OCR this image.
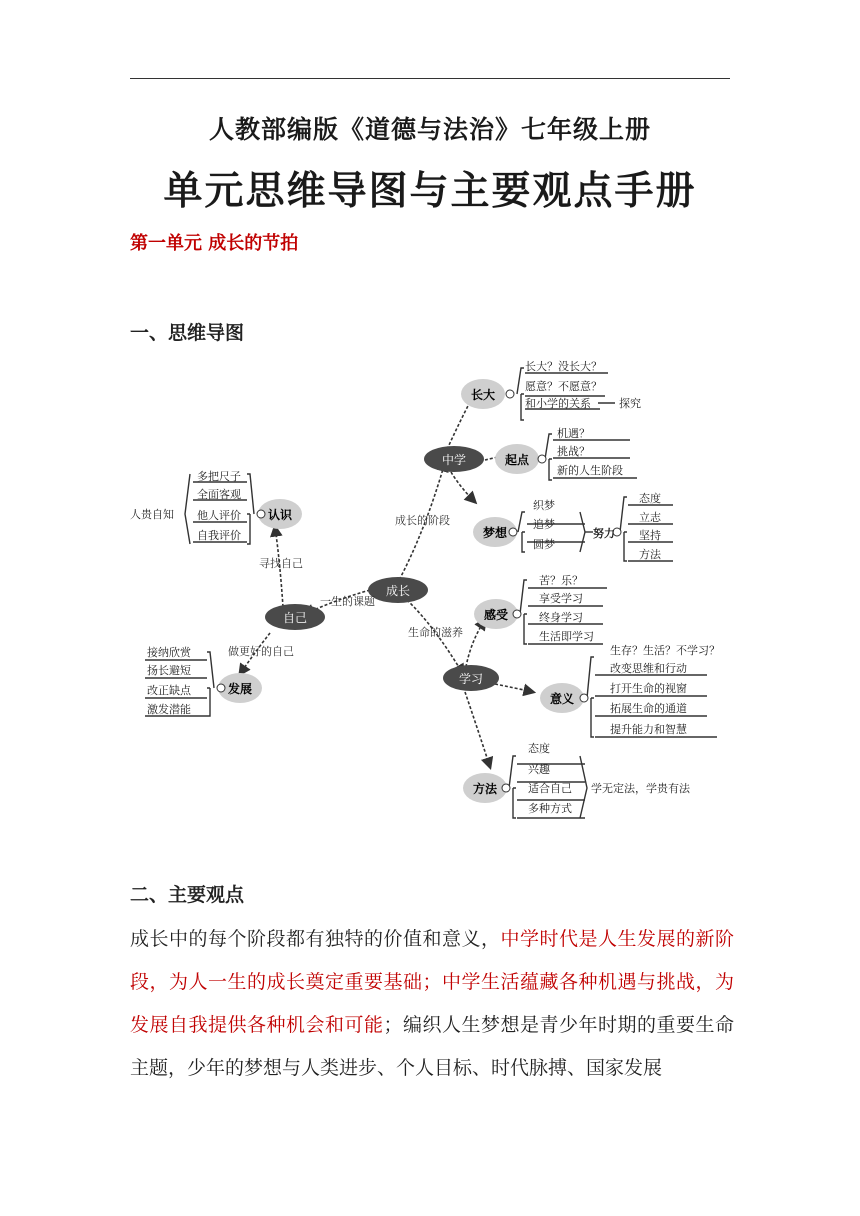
人教部编版《道德与法治》七年级上册
单元思维导图与主要观点手册
第一单元 成长的节拍
一、思维导图
成长
中学
自己
学习
成长的阶段
一生的课题
生命的滋养
寻找自己
做更好的自己
长大
起点
梦想
认识
发展
感受
意义
方法
长大？没长大？
愿意？不愿意？
和小学的关系	探究
机遇？
挑战？
新的人生阶段
织梦
追梦
圆梦
努力
态度
立志
坚持
方法
多把尺子
全面客观
他人评价
自我评价
人贵自知
接纳欣赏
扬长避短
改正缺点
激发潜能
苦？乐？
享受学习
终身学习
生活即学习
生存？生活？不学习？
改变思维和行动
打开生命的视窗
拓展生命的通道
提升能力和智慧
态度
兴趣
适合自己
多种方式
学无定法，学贵有法
二、主要观点
成长中的每个阶段都有独特的价值和意义，中学时代是人生发展的新阶段，为人一生的成长奠定重要基础；中学生活蕴藏各种机遇与挑战，为发展自我提供各种机会和可能；编织人生梦想是青少年时期的重要生命主题，少年的梦想与人类进步、个人目标、时代脉搏、国家发展
